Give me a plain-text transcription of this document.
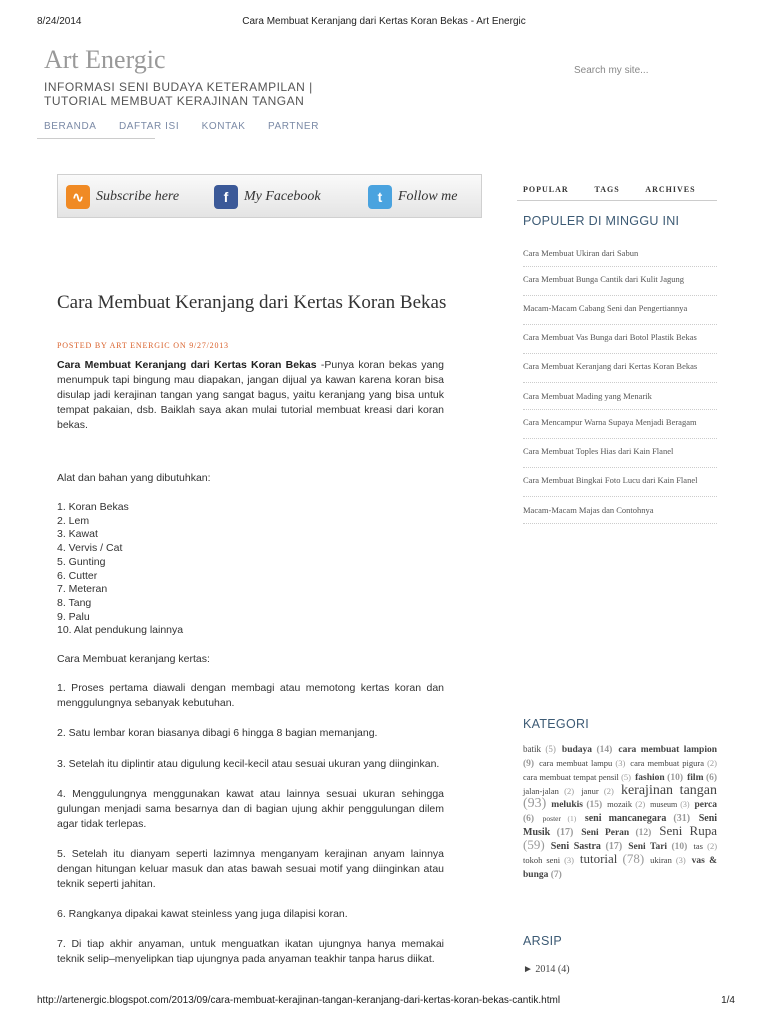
8/24/2014	Cara Membuat Keranjang dari Kertas Koran Bekas - Art Energic
Art Energic
INFORMASI SENI BUDAYA KETERAMPILAN | TUTORIAL MEMBUAT KERAJINAN TANGAN
Search my site...
BERANDA DAFTAR ISI KONTAK PARTNER
∿ Subscribe here	f	My Facebook	t	Follow me
Cara Membuat Keranjang dari Kertas Koran Bekas
POSTED BY ART ENERGIC ON 9/27/2013

Cara Membuat Keranjang dari Kertas Koran Bekas -Punya koran bekas yang menumpuk tapi bingung mau diapakan, jangan dijual ya kawan karena koran bisa disulap jadi kerajinan tangan yang sangat bagus, yaitu keranjang yang bisa untuk tempat pakaian, dsb. Baiklah saya akan mulai tutorial membuat kreasi dari koran bekas.

Alat dan bahan yang dibutuhkan:

1. Koran Bekas
2. Lem
3. Kawat
4. Vervis / Cat
5. Gunting
6. Cutter
7. Meteran
8. Tang
9. Palu
10. Alat pendukung lainnya

Cara Membuat keranjang kertas:

1. Proses pertama diawali dengan membagi atau memotong kertas koran dan menggulungnya sebanyak kebutuhan.

2. Satu lembar koran biasanya dibagi 6 hingga 8 bagian memanjang.

3. Setelah itu diplintir atau digulung kecil-kecil atau sesuai ukuran yang diinginkan.

4. Menggulungnya menggunakan kawat atau lainnya sesuai ukuran sehingga gulungan menjadi sama besarnya dan di bagian ujung akhir penggulungan dilem agar tidak terlepas.

5. Setelah itu dianyam seperti lazimnya menganyam kerajinan anyam lainnya dengan hitungan keluar masuk dan atas bawah sesuai motif yang diinginkan atau teknik seperti jahitan.

6. Rangkanya dipakai kawat steinless yang juga dilapisi koran.

7. Di tiap akhir anyaman, untuk menguatkan ikatan ujungnya hanya memakai teknik selip–menyelipkan tiap ujungnya pada anyaman teakhir tanpa harus diikat.

POPULAR	TAGS	ARCHIVES
POPULER DI MINGGU INI
Cara Membuat Ukiran dari Sabun
Cara Membuat Bunga Cantik dari Kulit Jagung
Macam-Macam Cabang Seni dan Pengertiannya
Cara Membuat Vas Bunga dari Botol Plastik Bekas
Cara Membuat Keranjang dari Kertas Koran Bekas
Cara Membuat Mading yang Menarik
Cara Mencampur Warna Supaya Menjadi Beragam
Cara Membuat Toples Hias dari Kain Flanel
Cara Membuat Bingkai Foto Lucu dari Kain Flanel
Macam-Macam Majas dan Contohnya
KATEGORI
batik (5) budaya (14) cara membuat lampion (9) cara membuat lampu (3) cara membuat pigura (2) cara membuat tempat pensil (5) fashion (10) film (6) jalan-jalan (2) janur (2) kerajinan tangan (93) melukis (15) mozaik (2) museum (3) perca (6) poster (1) seni mancanegara (31) Seni Musik (17) Seni Peran (12) Seni Rupa (59) Seni Sastra (17) Seni Tari (10) tas (2) tokoh seni (3) tutorial (78) ukiran (3) vas & bunga (7)
ARSIP
► 2014 (4)
http://artenergic.blogspot.com/2013/09/cara-membuat-kerajinan-tangan-keranjang-dari-kertas-koran-bekas-cantik.html	1/4
